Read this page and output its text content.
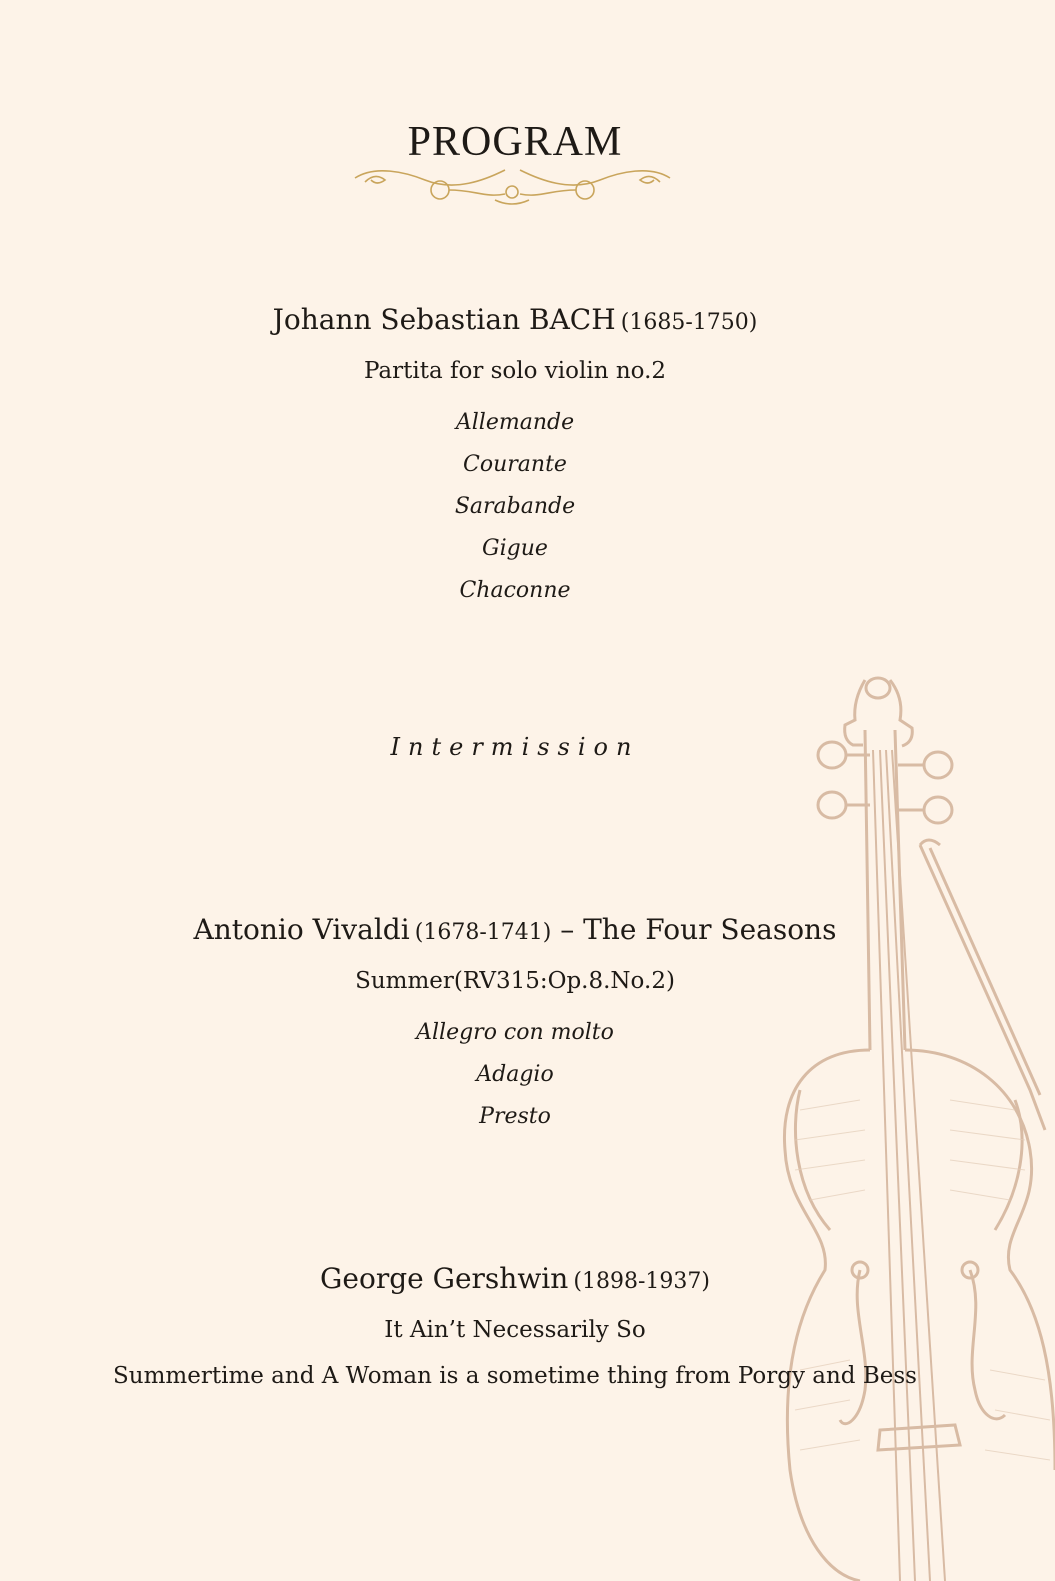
PROGRAM
Johann Sebastian BACH (1685-1750)
Partita for solo violin no.2
Allemande
Courante
Sarabande
Gigue
Chaconne
Intermission
Antonio Vivaldi (1678-1741) – The Four Seasons
Summer(RV315:Op.8.No.2)
Allegro con molto
Adagio
Presto
George Gershwin (1898-1937)
It Ain’t Necessarily So
Summertime and A Woman is a sometime thing from Porgy and Bess
